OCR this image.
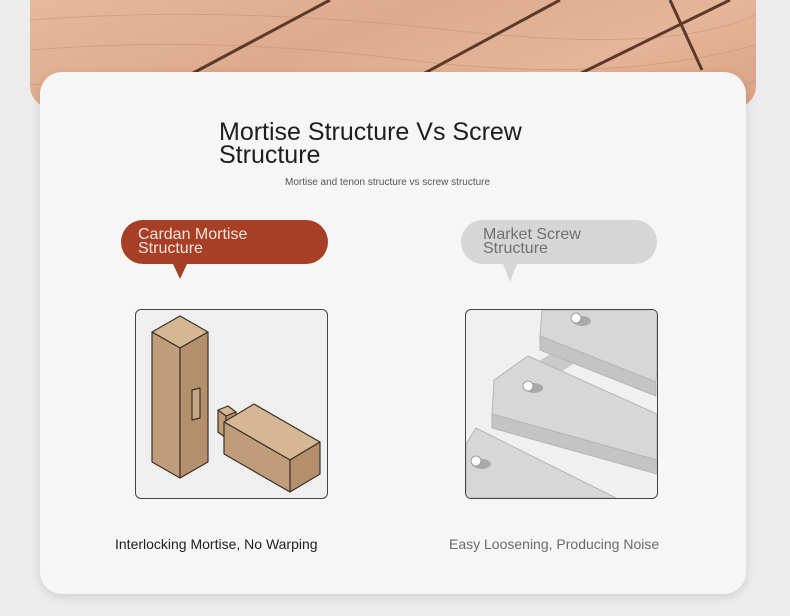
Mortise Structure Vs Screw Structure

Mortise and tenon structure vs screw structure

Cardan Mortise Structure
Market Screw Structure

Interlocking Mortise, No Warping	Easy Loosening, Producing Noise
